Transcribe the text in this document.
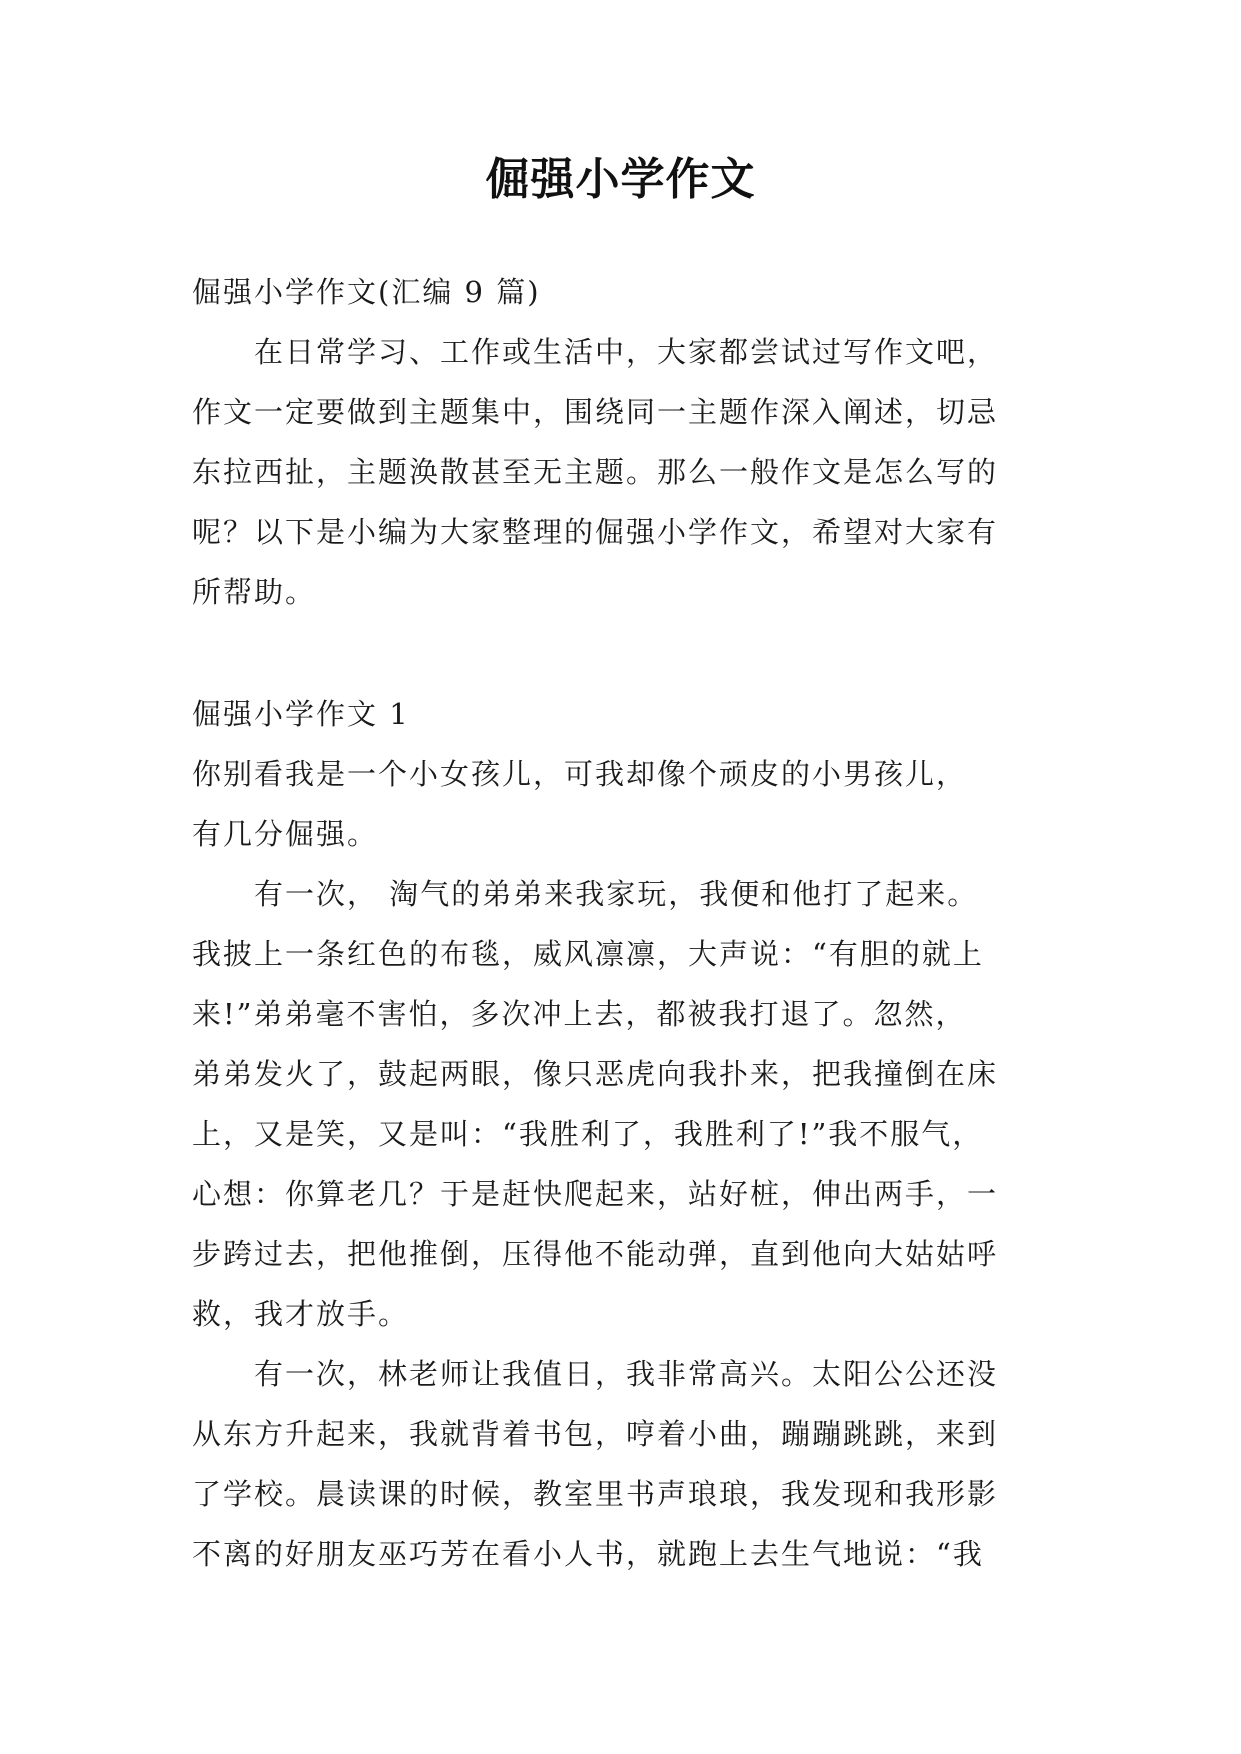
倔强小学作文
倔强小学作文(汇编 9 篇)
　　在日常学习、工作或生活中，大家都尝试过写作文吧，
作文一定要做到主题集中，围绕同一主题作深入阐述，切忌
东拉西扯，主题涣散甚至无主题。那么一般作文是怎么写的
呢？以下是小编为大家整理的倔强小学作文，希望对大家有
所帮助。
倔强小学作文 1
你别看我是一个小女孩儿，可我却像个顽皮的小男孩儿，
有几分倔强。
　　有一次， 淘气的弟弟来我家玩，我便和他打了起来。
我披上一条红色的布毯，威风凛凛，大声说：“有胆的就上
来!”弟弟毫不害怕，多次冲上去，都被我打退了。忽然，
弟弟发火了，鼓起两眼，像只恶虎向我扑来，把我撞倒在床
上，又是笑，又是叫：“我胜利了，我胜利了!”我不服气，
心想：你算老几？于是赶快爬起来，站好桩，伸出两手，一
步跨过去，把他推倒，压得他不能动弹，直到他向大姑姑呼
救，我才放手。
　　有一次，林老师让我值日，我非常高兴。太阳公公还没
从东方升起来，我就背着书包，哼着小曲，蹦蹦跳跳，来到
了学校。晨读课的时候，教室里书声琅琅，我发现和我形影
不离的好朋友巫巧芳在看小人书，就跑上去生气地说：“我
